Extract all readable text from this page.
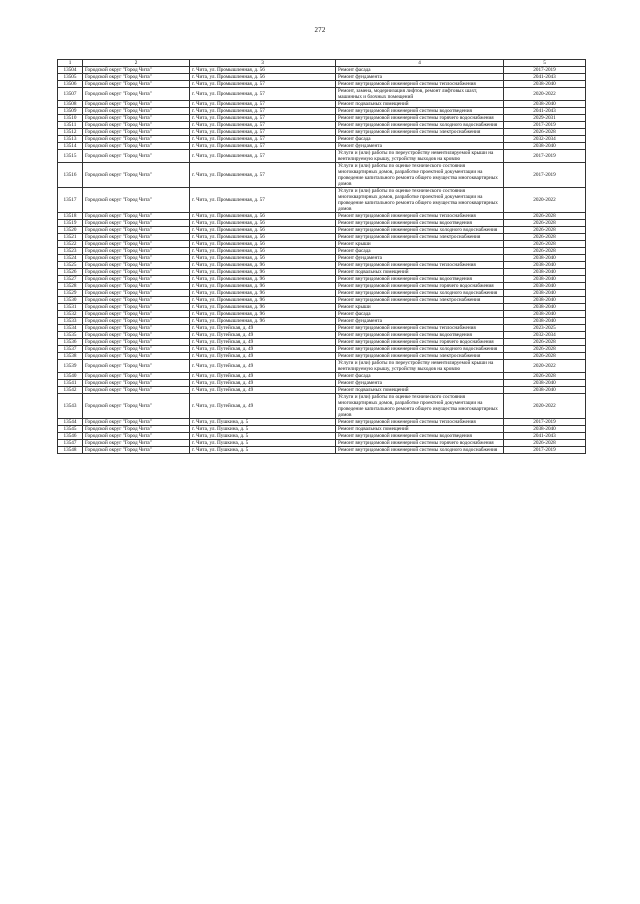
272
1	2	3	4	5
13504	Городской округ "Город Чита"	г. Чита, ул. Промышленная, д. 56	Ремонт фасада	2017-2019
13505	Городской округ "Город Чита"	г. Чита, ул. Промышленная, д. 56	Ремонт фундамента	2041-2043
13506	Городской округ "Город Чита"	г. Чита, ул. Промышленная, д. 57	Ремонт внутридомовой инженерной системы теплоснабжения	2038-2040
13507	Городской округ "Город Чита"	г. Чита, ул. Промышленная, д. 57	Ремонт, замена, модернизация лифтов, ремонт лифтовых шахт, машинных и блочных помещений	2020-2022
13508	Городской округ "Город Чита"	г. Чита, ул. Промышленная, д. 57	Ремонт подвальных помещений	2038-2040
13509	Городской округ "Город Чита"	г. Чита, ул. Промышленная, д. 57	Ремонт внутридомовой инженерной системы водоотведения	2041-2043
13510	Городской округ "Город Чита"	г. Чита, ул. Промышленная, д. 57	Ремонт внутридомовой инженерной системы горячего водоснабжения	2029-2031
13511	Городской округ "Город Чита"	г. Чита, ул. Промышленная, д. 57	Ремонт внутридомовой инженерной системы холодного водоснабжения	2017-2019
13512	Городской округ "Город Чита"	г. Чита, ул. Промышленная, д. 57	Ремонт внутридомовой инженерной системы электроснабжения	2026-2028
13513	Городской округ "Город Чита"	г. Чита, ул. Промышленная, д. 57	Ремонт фасада	2032-2034
13514	Городской округ "Город Чита"	г. Чита, ул. Промышленная, д. 57	Ремонт фундамента	2038-2040
13515	Городской округ "Город Чита"	г. Чита, ул. Промышленная, д. 57	Услуги и (или) работы по переустройству невентилируемой крыши на вентилируемую крышу, устройству выходов на кровлю	2017-2019
13516	Городской округ "Город Чита"	г. Чита, ул. Промышленная, д. 57	Услуги и (или) работы по оценке технического состояния многоквартирных домов, разработке проектной документации на проведение капитального ремонта общего имущества многоквартирных домов	2017-2019
13517	Городской округ "Город Чита"	г. Чита, ул. Промышленная, д. 57	Услуги и (или) работы по оценке технического состояния многоквартирных домов, разработке проектной документации на проведение капитального ремонта общего имущества многоквартирных домов	2020-2022
13518	Городской округ "Город Чита"	г. Чита, ул. Промышленная, д. 56	Ремонт внутридомовой инженерной системы теплоснабжения	2026-2028
13519	Городской округ "Город Чита"	г. Чита, ул. Промышленная, д. 56	Ремонт внутридомовой инженерной системы водоотведения	2026-2028
13520	Городской округ "Город Чита"	г. Чита, ул. Промышленная, д. 56	Ремонт внутридомовой инженерной системы холодного водоснабжения	2026-2028
13521	Городской округ "Город Чита"	г. Чита, ул. Промышленная, д. 56	Ремонт внутридомовой инженерной системы электроснабжения	2026-2028
13522	Городской округ "Город Чита"	г. Чита, ул. Промышленная, д. 56	Ремонт крыши	2026-2028
13523	Городской округ "Город Чита"	г. Чита, ул. Промышленная, д. 56	Ремонт фасада	2026-2028
13524	Городской округ "Город Чита"	г. Чита, ул. Промышленная, д. 56	Ремонт фундамента	2038-2040
13525	Городской округ "Город Чита"	г. Чита, ул. Промышленная, д. 96	Ремонт внутридомовой инженерной системы теплоснабжения	2038-2040
13526	Городской округ "Город Чита"	г. Чита, ул. Промышленная, д. 96	Ремонт подвальных помещений	2038-2040
13527	Городской округ "Город Чита"	г. Чита, ул. Промышленная, д. 96	Ремонт внутридомовой инженерной системы водоотведения	2038-2040
13528	Городской округ "Город Чита"	г. Чита, ул. Промышленная, д. 96	Ремонт внутридомовой инженерной системы горячего водоснабжения	2038-2040
13529	Городской округ "Город Чита"	г. Чита, ул. Промышленная, д. 96	Ремонт внутридомовой инженерной системы холодного водоснабжения	2038-2040
13530	Городской округ "Город Чита"	г. Чита, ул. Промышленная, д. 96	Ремонт внутридомовой инженерной системы электроснабжения	2038-2040
13531	Городской округ "Город Чита"	г. Чита, ул. Промышленная, д. 96	Ремонт крыши	2038-2040
13532	Городской округ "Город Чита"	г. Чита, ул. Промышленная, д. 96	Ремонт фасада	2038-2040
13533	Городской округ "Город Чита"	г. Чита, ул. Промышленная, д. 96	Ремонт фундамента	2038-2040
13534	Городской округ "Город Чита"	г. Чита, ул. Путейская, д. 49	Ремонт внутридомовой инженерной системы теплоснабжения	2023-2025
13535	Городской округ "Город Чита"	г. Чита, ул. Путейская, д. 49	Ремонт внутридомовой инженерной системы водоотведения	2032-2034
13536	Городской округ "Город Чита"	г. Чита, ул. Путейская, д. 49	Ремонт внутридомовой инженерной системы горячего водоснабжения	2026-2028
13537	Городской округ "Город Чита"	г. Чита, ул. Путейская, д. 49	Ремонт внутридомовой инженерной системы холодного водоснабжения	2026-2028
13538	Городской округ "Город Чита"	г. Чита, ул. Путейская, д. 49	Ремонт внутридомовой инженерной системы электроснабжения	2026-2028
13539	Городской округ "Город Чита"	г. Чита, ул. Путейская, д. 49	Услуги и (или) работы по переустройству невентилируемой крыши на вентилируемую крышу, устройству выходов на кровлю	2020-2022
13540	Городской округ "Город Чита"	г. Чита, ул. Путейская, д. 49	Ремонт фасада	2026-2028
13541	Городской округ "Город Чита"	г. Чита, ул. Путейская, д. 49	Ремонт фундамента	2038-2040
13542	Городской округ "Город Чита"	г. Чита, ул. Путейская, д. 49	Ремонт подвальных помещений	2038-2040
13543	Городской округ "Город Чита"	г. Чита, ул. Путейская, д. 49	Услуги и (или) работы по оценке технического состояния многоквартирных домов, разработке проектной документации на проведение капитального ремонта общего имущества многоквартирных домов	2020-2022
13544	Городской округ "Город Чита"	г. Чита, ул. Пушкина, д. 5	Ремонт внутридомовой инженерной системы теплоснабжения	2017-2019
13545	Городской округ "Город Чита"	г. Чита, ул. Пушкина, д. 5	Ремонт подвальных помещений	2038-2040
13546	Городской округ "Город Чита"	г. Чита, ул. Пушкина, д. 5	Ремонт внутридомовой инженерной системы водоотведения	2041-2043
13547	Городской округ "Город Чита"	г. Чита, ул. Пушкина, д. 5	Ремонт внутридомовой инженерной системы горячего водоснабжения	2026-2028
13548	Городской округ "Город Чита"	г. Чита, ул. Пушкина, д. 5	Ремонт внутридомовой инженерной системы холодного водоснабжения	2017-2019
